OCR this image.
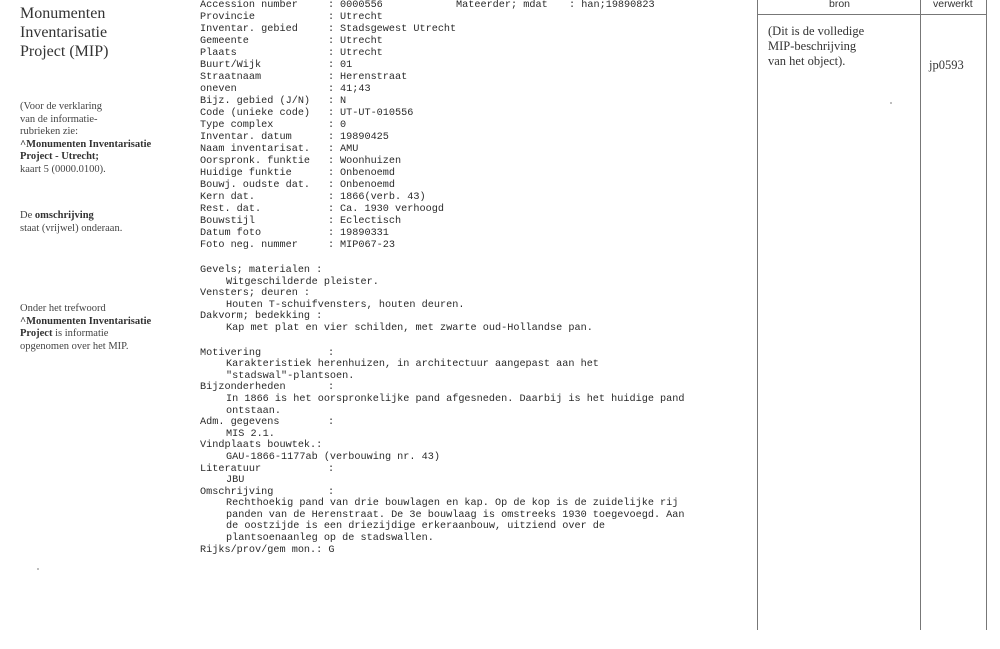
Monumenten
Inventarisatie
Project (MIP)
(Voor de verklaring
van de informatie-
rubrieken zie:
^Monumenten Inventarisatie
Project - Utrecht;
kaart 5 (0000.0100).
De omschrijving
staat (vrijwel) onderaan.
Onder het trefwoord
^Monumenten Inventarisatie
Project is informatie
opgenomen over het MIP.
Mateerder; mdat : han;19890823
Accession number	: 0000556
Provincie	: Utrecht
Inventar. gebied	: Stadsgewest Utrecht
Gemeente	: Utrecht
Plaats	: Utrecht
Buurt/Wijk	: 01
Straatnaam	: Herenstraat
oneven	: 41;43
Bijz. gebied (J/N) : N
Code (unieke code) : UT-UT-010556
Type complex	: 0
Inventar. datum	: 19890425
Naam inventarisat. : AMU
Oorspronk. funktie : Woonhuizen
Huidige funktie	: Onbenoemd
Bouwj. oudste dat. : Onbenoemd
Kern dat.	: 1866(verb. 43)
Rest. dat.	: Ca. 1930 verhoogd
Bouwstijl	: Eclectisch
Datum foto	: 19890331
Foto neg. nummer	: MIP067-23
Gevels; materialen :
Witgeschilderde pleister.
Vensters; deuren :
Houten T-schuifvensters, houten deuren.
Dakvorm; bedekking :
Kap met plat en vier schilden, met zwarte oud-Hollandse pan.
Motivering	:
Karakteristiek herenhuizen, in architectuur aangepast aan het
"stadswal"-plantsoen.
Bijzonderheden	:
In 1866 is het oorspronkelijke pand afgesneden. Daarbij is het huidige pand
ontstaan.
Adm. gegevens	:
MIS 2.1.
Vindplaats bouwtek.:
GAU-1866-1177ab (verbouwing nr. 43)
Literatuur	:
JBU
Omschrijving	:
Rechthoekig pand van drie bouwlagen en kap. Op de kop is de zuidelijke rij
panden van de Herenstraat. De 3e bouwlaag is omstreeks 1930 toegevoegd. Aan
de oostzijde is een driezijdige erkeraanbouw, uitziend over de
plantsoenaanleg op de stadswallen.
Rijks/prov/gem mon.: G
bron	verwerkt
(Dit is de volledige
MIP-beschrijving
van het object).	jp0593
